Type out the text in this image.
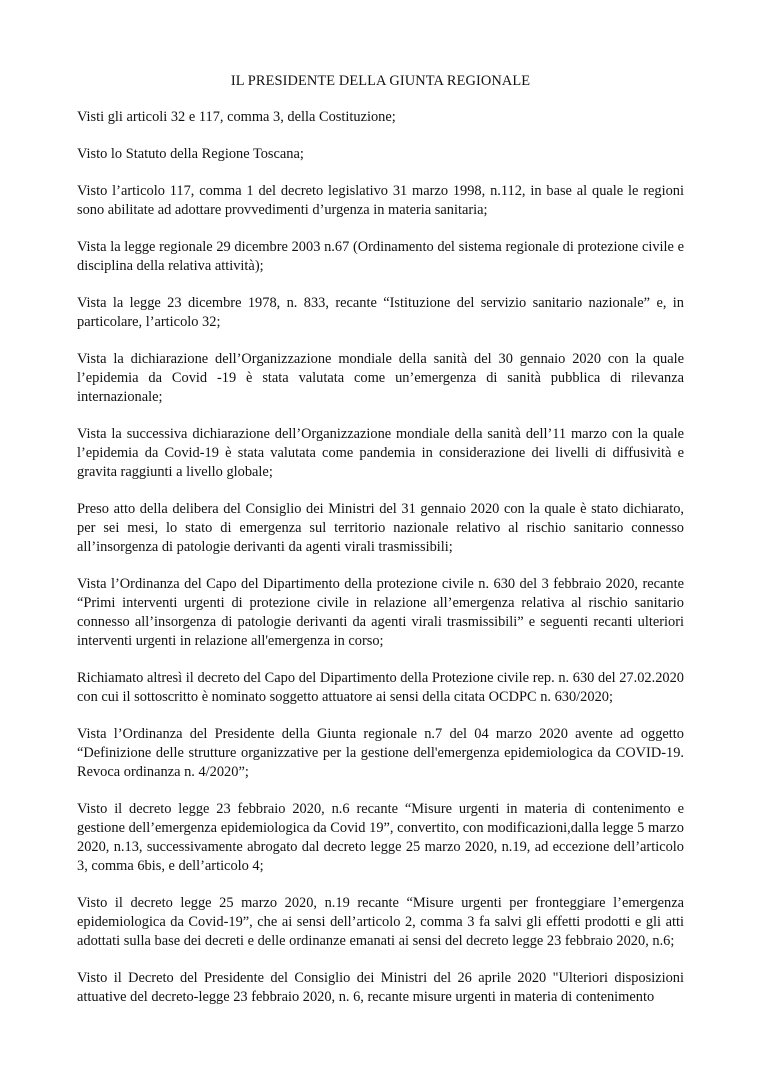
IL PRESIDENTE DELLA GIUNTA REGIONALE

Visti gli articoli 32 e 117, comma 3, della Costituzione;

Visto lo Statuto della Regione Toscana;

Visto l’articolo 117, comma 1 del decreto legislativo 31 marzo 1998, n.112, in base al quale le regioni sono abilitate ad adottare provvedimenti d’urgenza in materia sanitaria;

Vista la legge regionale 29 dicembre 2003 n.67 (Ordinamento del sistema regionale di protezione civile e disciplina della relativa attività);

Vista la legge 23 dicembre 1978, n. 833, recante “Istituzione del servizio sanitario nazionale” e, in particolare, l’articolo 32;

Vista la dichiarazione dell’Organizzazione mondiale della sanità del 30 gennaio 2020 con la quale l’epidemia da Covid -19 è stata valutata come un’emergenza di sanità pubblica di rilevanza internazionale;

Vista la successiva dichiarazione dell’Organizzazione mondiale della sanità dell’11 marzo con la quale l’epidemia da Covid-19 è stata valutata come pandemia in considerazione dei livelli di diffusività e gravita raggiunti a livello globale;

Preso atto della delibera del Consiglio dei Ministri del 31 gennaio 2020 con la quale è stato dichiarato, per sei mesi, lo stato di emergenza sul territorio nazionale relativo al rischio sanitario connesso all’insorgenza di patologie derivanti da agenti virali trasmissibili;

Vista l’Ordinanza del Capo del Dipartimento della protezione civile n. 630 del 3 febbraio 2020, recante “Primi interventi urgenti di protezione civile in relazione all’emergenza relativa al rischio sanitario connesso all’insorgenza di patologie derivanti da agenti virali trasmissibili” e seguenti recanti ulteriori interventi urgenti in relazione all'emergenza in corso;

Richiamato altresì il decreto del Capo del Dipartimento della Protezione civile rep. n. 630 del 27.02.2020 con cui il sottoscritto è nominato soggetto attuatore ai sensi della citata OCDPC n. 630/2020;

Vista l’Ordinanza del Presidente della Giunta regionale n.7 del 04 marzo 2020 avente ad oggetto “Definizione delle strutture organizzative per la gestione dell'emergenza epidemiologica da COVID-19. Revoca ordinanza n. 4/2020”;

Visto il decreto legge 23 febbraio 2020, n.6 recante “Misure urgenti in materia di contenimento e gestione dell’emergenza epidemiologica da Covid 19”, convertito, con modificazioni,dalla legge 5 marzo 2020, n.13, successivamente abrogato dal decreto legge 25 marzo 2020, n.19, ad eccezione dell’articolo 3, comma 6bis, e dell’articolo 4;

Visto il decreto legge 25 marzo 2020, n.19 recante “Misure urgenti per fronteggiare l’emergenza epidemiologica da Covid-19”, che ai sensi dell’articolo 2, comma 3 fa salvi gli effetti prodotti e gli atti adottati sulla base dei decreti e delle ordinanze emanati ai sensi del decreto legge 23 febbraio 2020, n.6;

Visto il Decreto del Presidente del Consiglio dei Ministri del 26 aprile 2020 "Ulteriori disposizioni attuative del decreto-legge 23 febbraio 2020, n. 6, recante misure urgenti in materia di contenimento
